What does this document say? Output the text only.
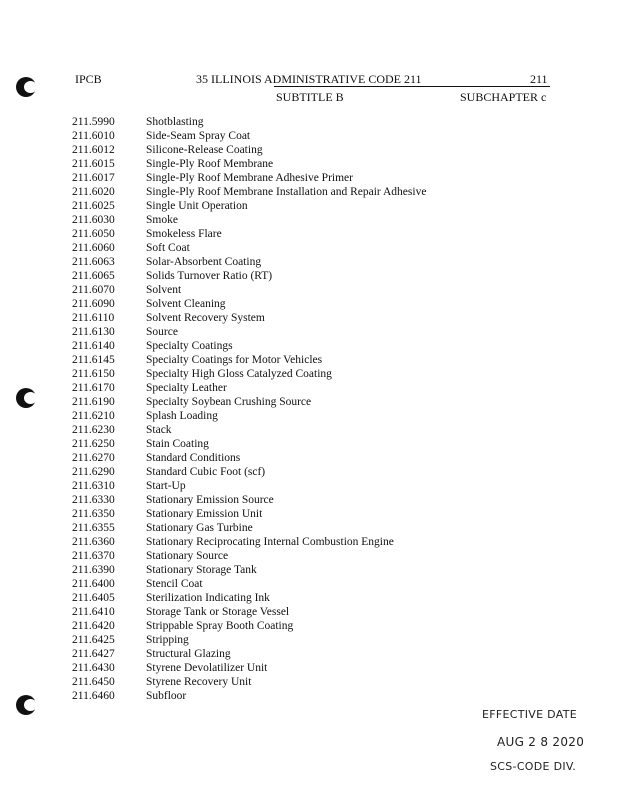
IPCB	35 ILLINOIS ADMINISTRATIVE CODE 211	211
SUBTITLE B	SUBCHAPTER c
211.5990	Shotblasting
211.6010	Side-Seam Spray Coat
211.6012	Silicone-Release Coating
211.6015	Single-Ply Roof Membrane
211.6017	Single-Ply Roof Membrane Adhesive Primer
211.6020	Single-Ply Roof Membrane Installation and Repair Adhesive
211.6025	Single Unit Operation
211.6030	Smoke
211.6050	Smokeless Flare
211.6060	Soft Coat
211.6063	Solar-Absorbent Coating
211.6065	Solids Turnover Ratio (RT)
211.6070	Solvent
211.6090	Solvent Cleaning
211.6110	Solvent Recovery System
211.6130	Source
211.6140	Specialty Coatings
211.6145	Specialty Coatings for Motor Vehicles
211.6150	Specialty High Gloss Catalyzed Coating
211.6170	Specialty Leather
211.6190	Specialty Soybean Crushing Source
211.6210	Splash Loading
211.6230	Stack
211.6250	Stain Coating
211.6270	Standard Conditions
211.6290	Standard Cubic Foot (scf)
211.6310	Start-Up
211.6330	Stationary Emission Source
211.6350	Stationary Emission Unit
211.6355	Stationary Gas Turbine
211.6360	Stationary Reciprocating Internal Combustion Engine
211.6370	Stationary Source
211.6390	Stationary Storage Tank
211.6400	Stencil Coat
211.6405	Sterilization Indicating Ink
211.6410	Storage Tank or Storage Vessel
211.6420	Strippable Spray Booth Coating
211.6425	Stripping
211.6427	Structural Glazing
211.6430	Styrene Devolatilizer Unit
211.6450	Styrene Recovery Unit
211.6460	Subfloor
EFFECTIVE DATE
AUG 2 8 2020
SCS-CODE DIV.
